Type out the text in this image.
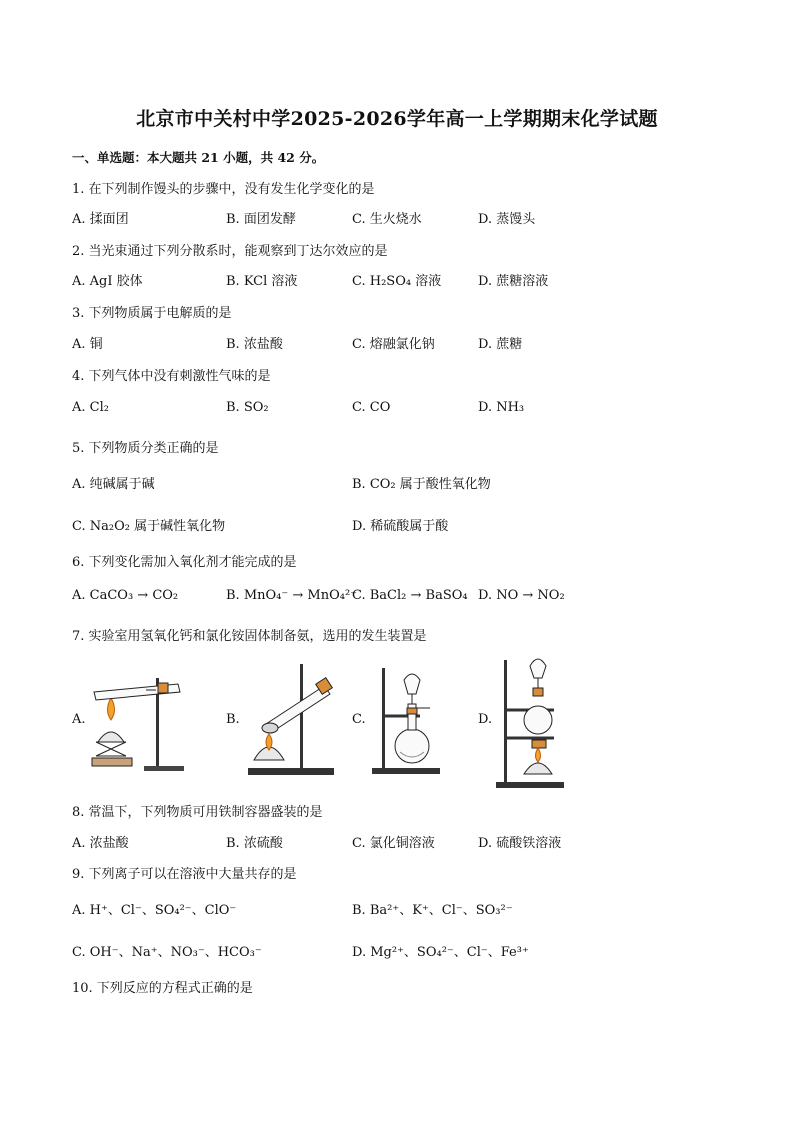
北京市中关村中学2025-2026学年高一上学期期末化学试题
一、单选题：本大题共 21 小题，共 42 分。
1. 在下列制作馒头的步骤中，没有发生化学变化的是
A. 揉面团	B. 面团发酵	C. 生火烧水	D. 蒸馒头
2. 当光束通过下列分散系时，能观察到丁达尔效应的是
A. AgI 胶体	B. KCl 溶液	C. H₂SO₄ 溶液	D. 蔗糖溶液
3. 下列物质属于电解质的是
A. 铜	B. 浓盐酸	C. 熔融氯化钠	D. 蔗糖
4. 下列气体中没有刺激性气味的是
A. Cl₂	B. SO₂	C. CO	D. NH₃
5. 下列物质分类正确的是
A. 纯碱属于碱	B. CO₂ 属于酸性氧化物
C. Na₂O₂ 属于碱性氧化物	D. 稀硫酸属于酸
6. 下列变化需加入氧化剂才能完成的是
A. CaCO₃ → CO₂	B. MnO₄⁻ → MnO₄²⁻
C. BaCl₂ → BaSO₄ D. NO → NO₂
7. 实验室用氢氧化钙和氯化铵固体制备氨，选用的发生装置是
A.	B.	C.	D.
8. 常温下，下列物质可用铁制容器盛装的是
A. 浓盐酸	B. 浓硫酸	C. 氯化铜溶液	D. 硫酸铁溶液
9. 下列离子可以在溶液中大量共存的是
A. H⁺、Cl⁻、SO₄²⁻、ClO⁻	B. Ba²⁺、K⁺、Cl⁻、SO₃²⁻
C. OH⁻、Na⁺、NO₃⁻、HCO₃⁻	D. Mg²⁺、SO₄²⁻、Cl⁻、Fe³⁺
10. 下列反应的方程式正确的是
